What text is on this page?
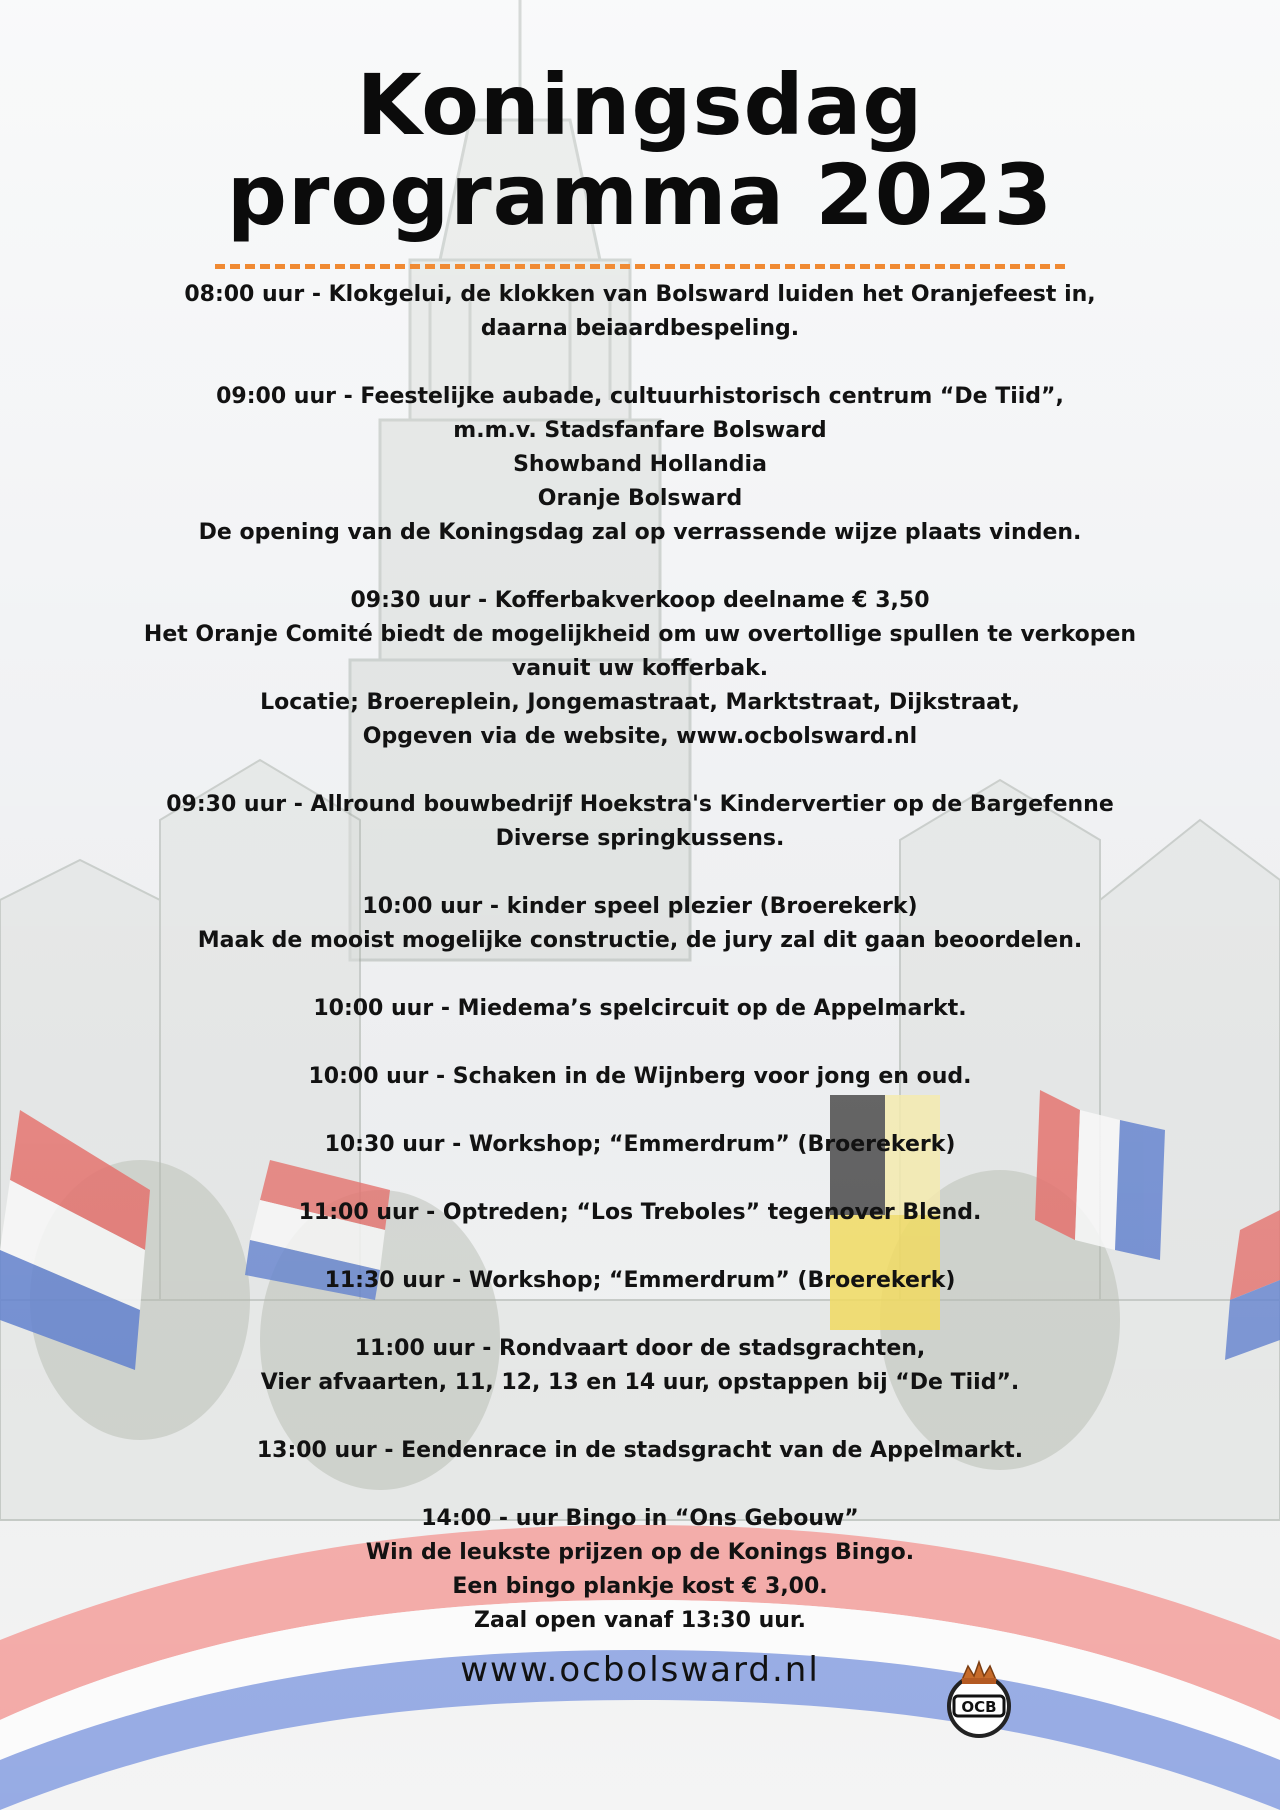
Koningsdag
programma 2023
08:00 uur - Klokgelui, de klokken van Bolsward luiden het Oranjefeest in,
daarna beiaardbespeling.
09:00 uur - Feestelijke aubade, cultuurhistorisch centrum “De Tiid”,
m.m.v. Stadsfanfare Bolsward
Showband Hollandia
Oranje Bolsward
De opening van de Koningsdag zal op verrassende wijze plaats vinden.
09:30 uur - Kofferbakverkoop deelname € 3,50
Het Oranje Comité biedt de mogelijkheid om uw overtollige spullen te verkopen
vanuit uw kofferbak.
Locatie; Broereplein, Jongemastraat, Marktstraat, Dijkstraat,
Opgeven via de website, www.ocbolsward.nl
09:30 uur - Allround bouwbedrijf Hoekstra's Kindervertier op de Bargefenne
Diverse springkussens.
10:00 uur - kinder speel plezier (Broerekerk)
Maak de mooist mogelijke constructie, de jury zal dit gaan beoordelen.
10:00 uur - Miedema’s spelcircuit op de Appelmarkt.
10:00 uur - Schaken in de Wijnberg voor jong en oud.
10:30 uur - Workshop; “Emmerdrum” (Broerekerk)
11:00 uur - Optreden; “Los Treboles” tegenover Blend.
11:30 uur - Workshop; “Emmerdrum” (Broerekerk)
11:00 uur - Rondvaart door de stadsgrachten,
Vier afvaarten, 11, 12, 13 en 14 uur, opstappen bij “De Tiid”.
13:00 uur - Eendenrace in de stadsgracht van de Appelmarkt.
14:00 - uur Bingo in “Ons Gebouw”
Win de leukste prijzen op de Konings Bingo.
Een bingo plankje kost € 3,00.
Zaal open vanaf 13:30 uur.
www.ocbolsward.nl
OCB
